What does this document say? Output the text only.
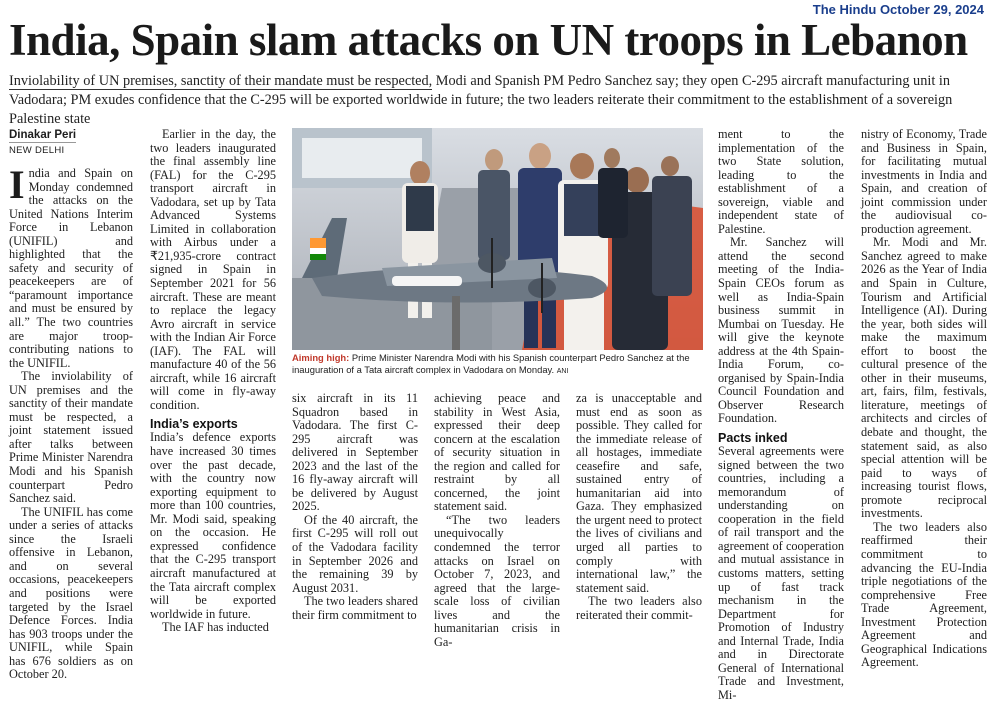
The Hindu October 29, 2024
India, Spain slam attacks on UN troops in Lebanon
Inviolability of UN premises, sanctity of their mandate must be respected, Modi and Spanish PM Pedro Sanchez say; they open C-295 aircraft manufacturing unit in Vadodara; PM exudes confidence that the C-295 will be exported worldwide in future; the two leaders reiterate their commitment to the establishment of a sovereign Palestine state
Dinakar Peri
NEW DELHI
I ndia and Spain on Monday condemned the attacks on the United Nations Interim Force in Lebanon (UNIFIL) and highlighted that the safety and security of peacekeepers are of “paramount importance and must be ensured by all.” The two countries are major troop-contributing nations to the UNIFIL.

The inviolability of UN premises and the sanctity of their mandate must be respected, a joint statement issued after talks between Prime Minister Narendra Modi and his Spanish counterpart Pedro Sanchez said.

The UNIFIL has come under a series of attacks since the Israeli offensive in Lebanon, and on several occasions, peacekeepers and positions were targeted by the Israel Defence Forces. India has 903 troops under the UNIFIL, while Spain has 676 soldiers as on October 20.

Earlier in the day, the two leaders inaugurated the final assembly line (FAL) for the C-295 transport aircraft in Vadodara, set up by Tata Advanced Systems Limited in collaboration with Airbus under a ₹21,935-crore contract signed in Spain in September 2021 for 56 aircraft. These are meant to replace the legacy Avro aircraft in service with the Indian Air Force (IAF). The FAL will manufacture 40 of the 56 aircraft, while 16 aircraft will come in fly-away condition.

India’s exports

India’s defence exports have increased 30 times over the past decade, with the country now exporting equipment to more than 100 countries, Mr. Modi said, speaking on the occasion. He expressed confidence that the C-295 transport aircraft manufactured at the Tata aircraft complex will be exported worldwide in future.

The IAF has inducted

Aiming high: Prime Minister Narendra Modi with his Spanish counterpart Pedro Sanchez at the inauguration of a Tata aircraft complex in Vadodara on Monday. ANI

six aircraft in its 11 Squadron based in Vadodara. The first C-295 aircraft was delivered in September 2023 and the last of the 16 fly-away aircraft will be delivered by August 2025.

Of the 40 aircraft, the first C-295 will roll out of the Vadodara facility in September 2026 and the remaining 39 by August 2031.

The two leaders shared their firm commitment to

achieving peace and stability in West Asia, expressed their deep concern at the escalation of security situation in the region and called for restraint by all concerned, the joint statement said.

“The two leaders unequivocally condemned the terror attacks on Israel on October 7, 2023, and agreed that the large-scale loss of civilian lives and the humanitarian crisis in Ga-

za is unacceptable and must end as soon as possible. They called for the immediate release of all hostages, immediate ceasefire and safe, sustained entry of humanitarian aid into Gaza. They emphasized the urgent need to protect the lives of civilians and urged all parties to comply with international law,” the statement said.

The two leaders also reiterated their commit-

ment to the implementation of the two State solution, leading to the establishment of a sovereign, viable and independent state of Palestine.

Mr. Sanchez will attend the second meeting of the India-Spain CEOs forum as well as India-Spain business summit in Mumbai on Tuesday. He will give the keynote address at the 4th Spain-India Forum, co-organised by Spain-India Council Foundation and Observer Research Foundation.

Pacts inked

Several agreements were signed between the two countries, including a memorandum of understanding on cooperation in the field of rail transport and the agreement of cooperation and mutual assistance in customs matters, setting up of fast track mechanism in the Department for Promotion of Industry and Internal Trade, India and in Directorate General of International Trade and Investment, Mi-

nistry of Economy, Trade and Business in Spain, for facilitating mutual investments in India and Spain, and creation of joint commission under the audiovisual co-production agreement.

Mr. Modi and Mr. Sanchez agreed to make 2026 as the Year of India and Spain in Culture, Tourism and Artificial Intelligence (AI). During the year, both sides will make the maximum effort to boost the cultural presence of the other in their museums, art, fairs, film, festivals, literature, meetings of architects and circles of debate and thought, the statement said, as also special attention will be paid to ways of increasing tourist flows, promote reciprocal investments.

The two leaders also reaffirmed their commitment to advancing the EU-India triple negotiations of the comprehensive Free Trade Agreement, Investment Protection Agreement and Geographical Indications Agreement.
